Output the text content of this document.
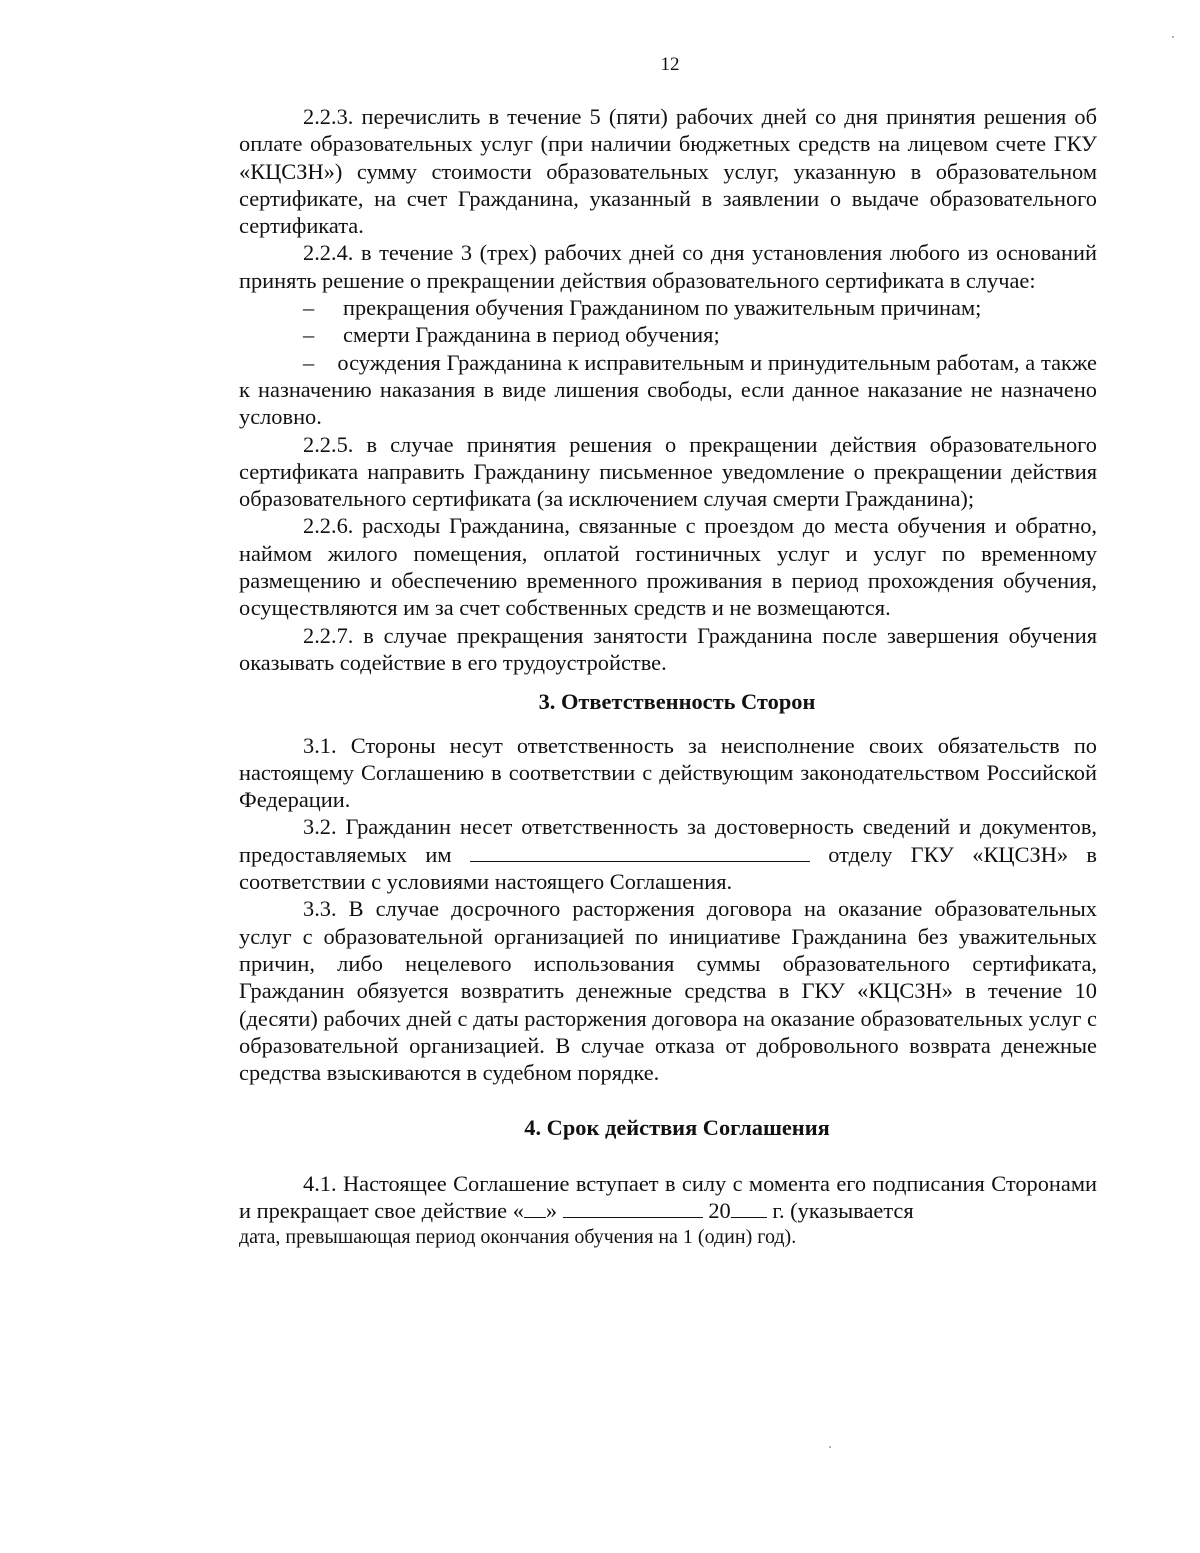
12

2.2.3. перечислить в течение 5 (пяти) рабочих дней со дня принятия решения об оплате образовательных услуг (при наличии бюджетных средств на лицевом счете ГКУ «КЦСЗН») сумму стоимости образовательных услуг, указанную в образовательном сертификате, на счет Гражданина, указанный в заявлении о выдаче образовательного сертификата.

2.2.4. в течение 3 (трех) рабочих дней со дня установления любого из оснований принять решение о прекращении действия образовательного сертификата в случае:

–	прекращения обучения Гражданином по уважительным причинам;
–	смерти Гражданина в период обучения;

– осуждения Гражданина к исправительным и принудительным работам, а также к назначению наказания в виде лишения свободы, если данное наказание не назначено условно.

2.2.5. в случае принятия решения о прекращении действия образовательного сертификата направить Гражданину письменное уведомление о прекращении действия образовательного сертификата (за исключением случая смерти Гражданина);

2.2.6. расходы Гражданина, связанные с проездом до места обучения и обратно, наймом жилого помещения, оплатой гостиничных услуг и услуг по временному размещению и обеспечению временного проживания в период прохождения обучения, осуществляются им за счет собственных средств и не возмещаются.

2.2.7. в случае прекращения занятости Гражданина после завершения обучения оказывать содействие в его трудоустройстве.

3. Ответственность Сторон

3.1. Стороны несут ответственность за неисполнение своих обязательств по настоящему Соглашению в соответствии с действующим законодательством Российской Федерации.

3.2. Гражданин несет ответственность за достоверность сведений и документов, предоставляемых им	отделу ГКУ «КЦСЗН» в соответствии с условиями настоящего Соглашения.

3.3. В случае досрочного расторжения договора на оказание образовательных услуг с образовательной организацией по инициативе Гражданина без уважительных причин, либо нецелевого использования суммы образовательного сертификата, Гражданин обязуется возвратить денежные средства в ГКУ «КЦСЗН» в течение 10 (десяти) рабочих дней с даты расторжения договора на оказание образовательных услуг с образовательной организацией. В случае отказа от добровольного возврата денежные средства взыскиваются в судебном порядке.

4. Срок действия Соглашения

4.1. Настоящее Соглашение вступает в силу с момента его подписания Сторонами и прекращает свое действие « »	20 г. (указывается

дата, превышающая период окончания обучения на 1 (один) год).
